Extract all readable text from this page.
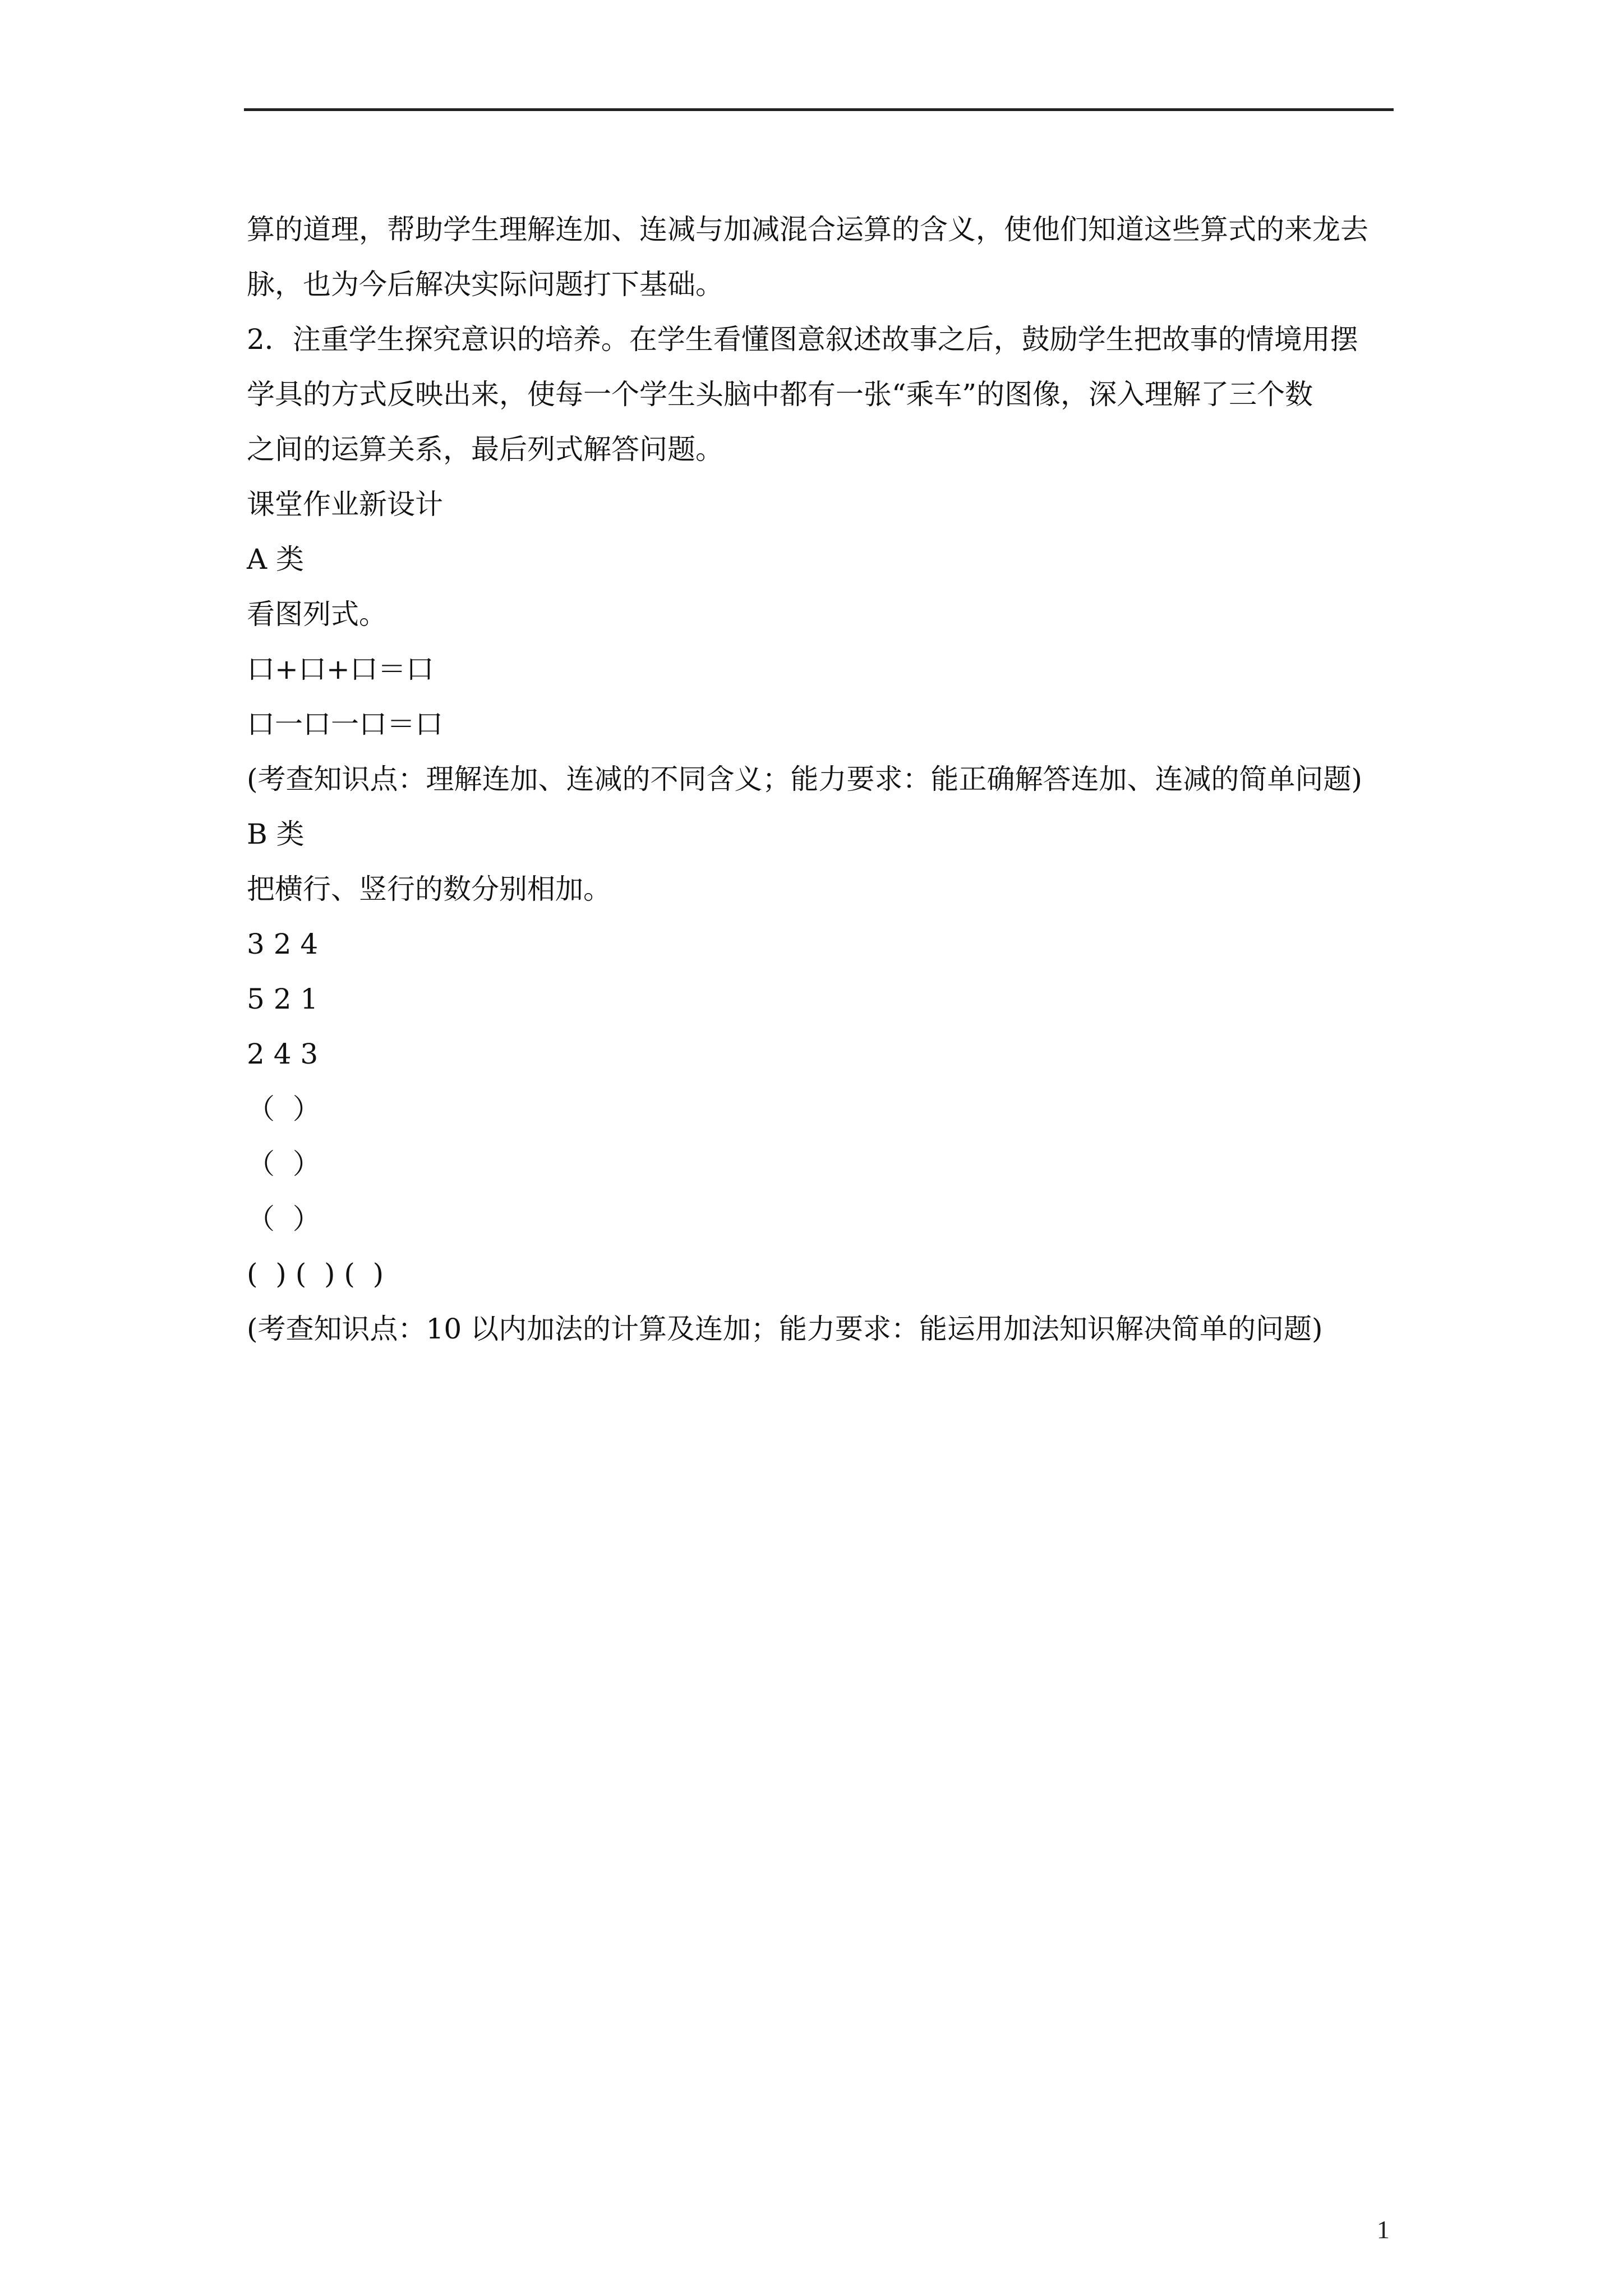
算的道理，帮助学生理解连加、连减与加减混合运算的含义，使他们知道这些算式的来龙去

脉，也为今后解决实际问题打下基础。

2．注重学生探究意识的培养。在学生看懂图意叙述故事之后，鼓励学生把故事的情境用摆

学具的方式反映出来，使每一个学生头脑中都有一张“乘车”的图像，深入理解了三个数

之间的运算关系，最后列式解答问题。

课堂作业新设计

A 类

看图列式。

口+口+口＝口

口一口一口＝口

(考查知识点：理解连加、连减的不同含义；能力要求：能正确解答连加、连减的简单问题)

B 类

把横行、竖行的数分别相加。

3 2 4

5 2 1

2 4 3

（  ）

（  ）

（  ）

(  ) (  ) (  )

(考查知识点：10 以内加法的计算及连加；能力要求：能运用加法知识解决简单的问题)

1
